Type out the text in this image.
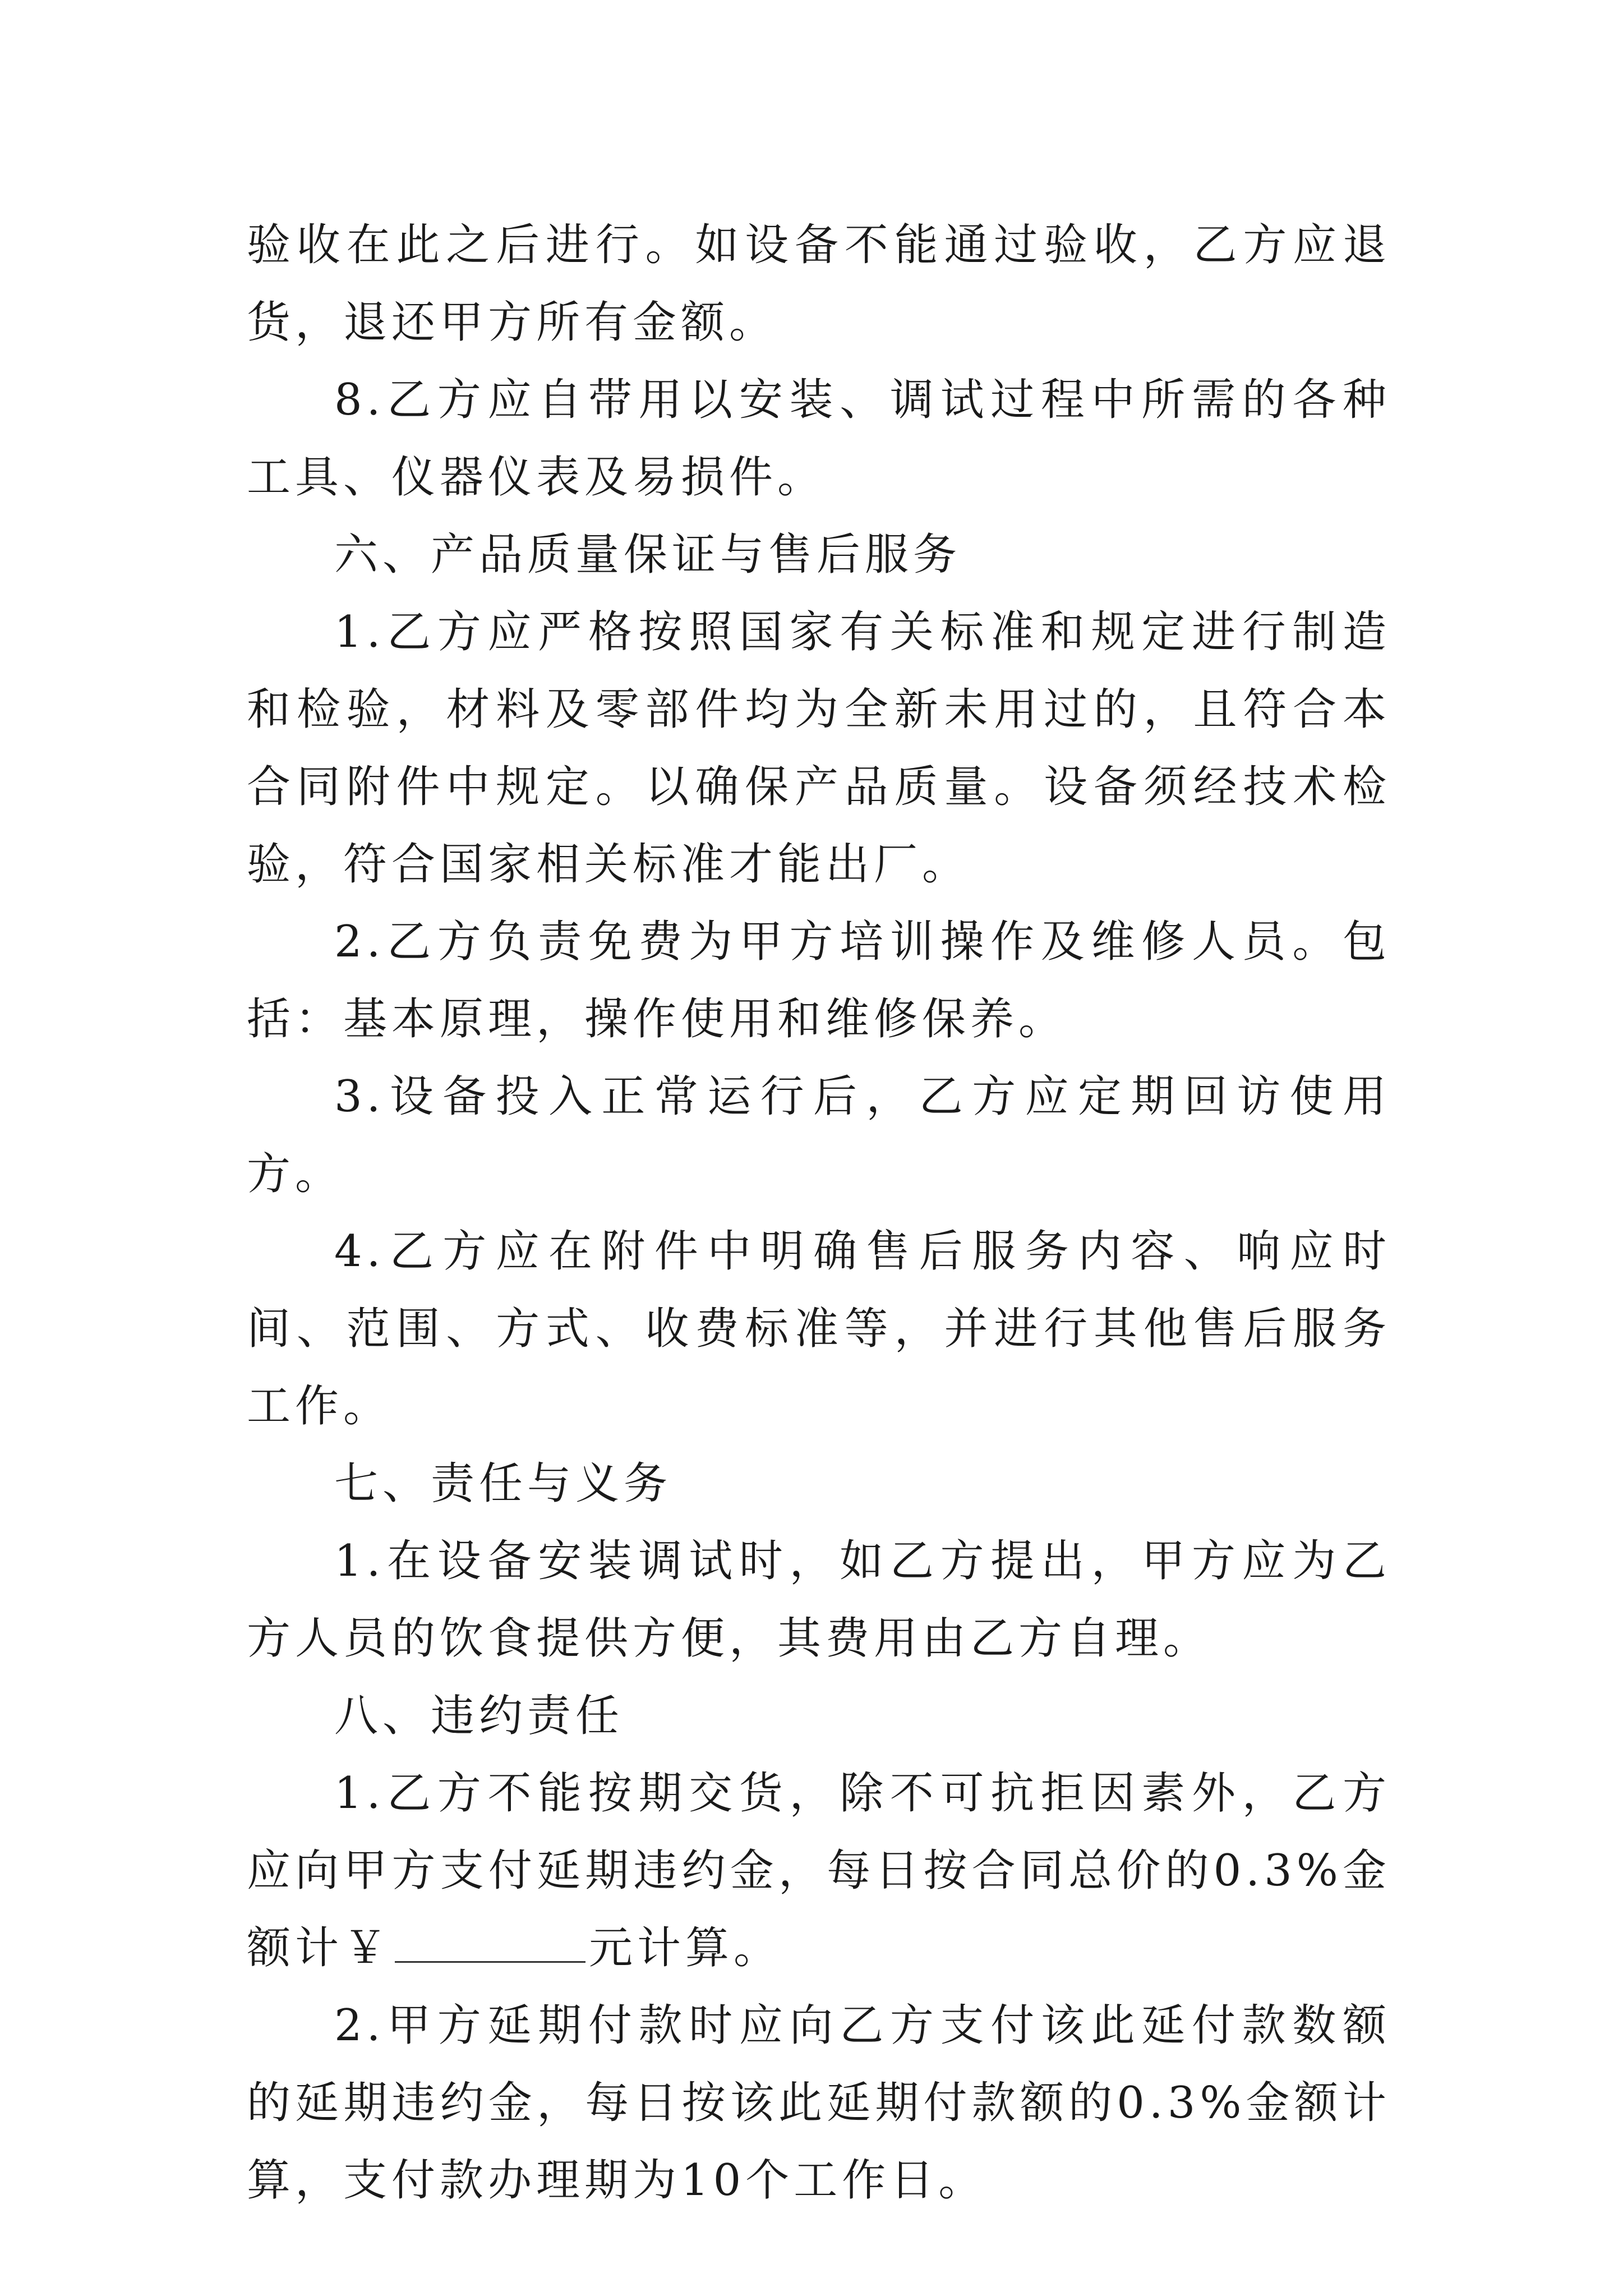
验收在此之后进行。如设备不能通过验收，乙方应退货，退还甲方所有金额。

8.乙方应自带用以安装、调试过程中所需的各种工具、仪器仪表及易损件。

六、产品质量保证与售后服务

1.乙方应严格按照国家有关标准和规定进行制造和检验，材料及零部件均为全新未用过的，且符合本合同附件中规定。以确保产品质量。设备须经技术检验，符合国家相关标准才能出厂。

2.乙方负责免费为甲方培训操作及维修人员。包括：基本原理，操作使用和维修保养。

3.设备投入正常运行后，乙方应定期回访使用方。

4.乙方应在附件中明确售后服务内容、响应时间、范围、方式、收费标准等，并进行其他售后服务工作。

七、责任与义务

1.在设备安装调试时，如乙方提出，甲方应为乙方人员的饮食提供方便，其费用由乙方自理。

八、违约责任

1.乙方不能按期交货，除不可抗拒因素外，乙方应向甲方支付延期违约金，每日按合同总价的0.3%金额计￥	元计算。

2.甲方延期付款时应向乙方支付该此延付款数额的延期违约金，每日按该此延期付款额的0.3%金额计算，支付款办理期为10个工作日。
